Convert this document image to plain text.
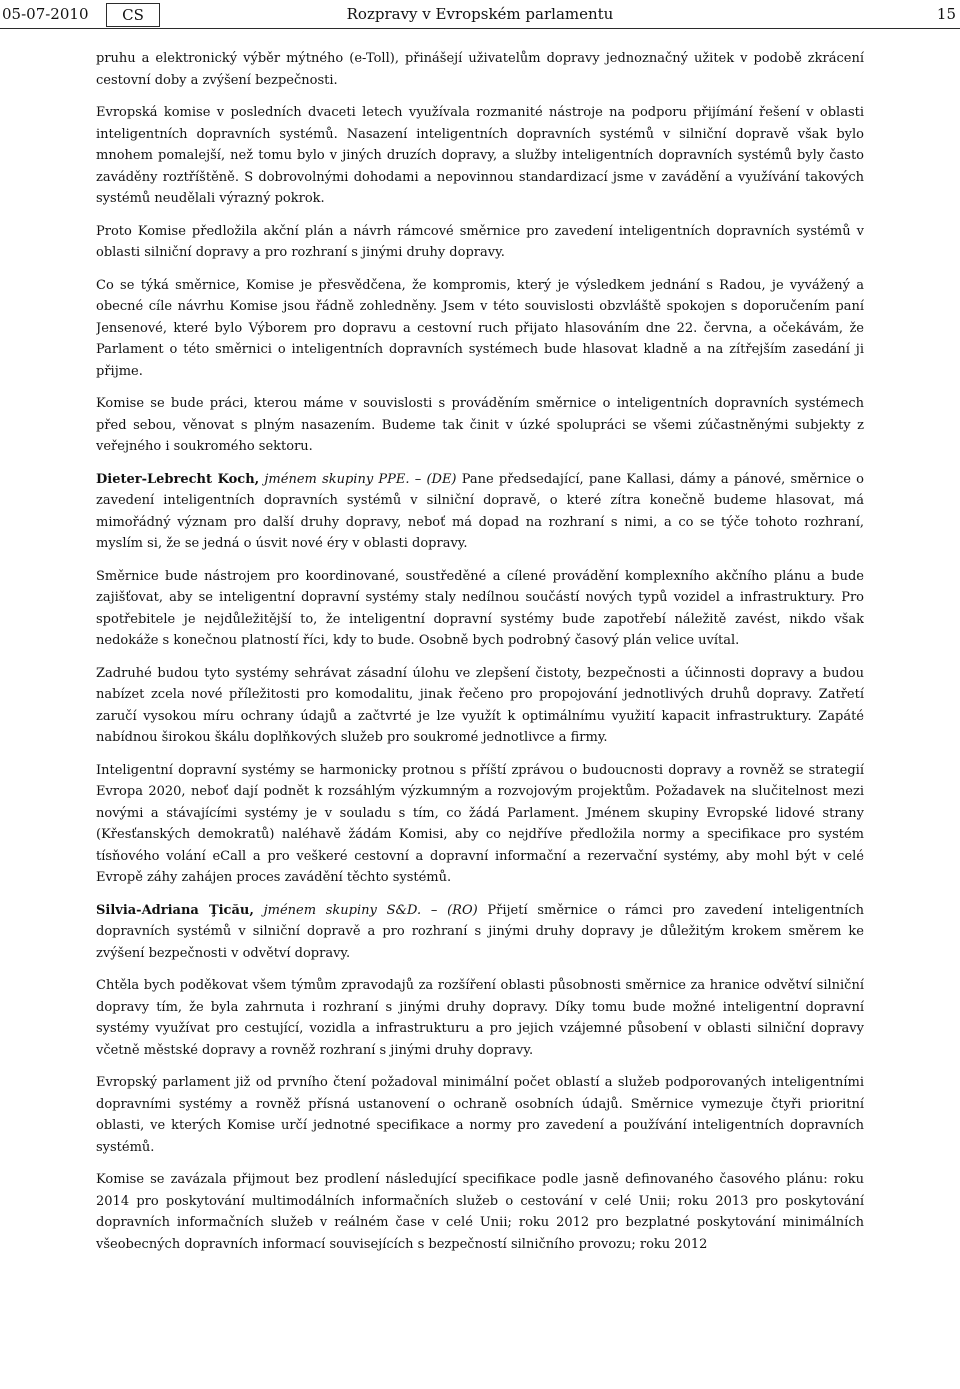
05-07-2010	CS	Rozpravy v Evropském parlamentu	15

pruhu a elektronický výběr mýtného (e-Toll), přinášejí uživatelům dopravy jednoznačný užitek v podobě zkrácení cestovní doby a zvýšení bezpečnosti.

Evropská komise v posledních dvaceti letech využívala rozmanité nástroje na podporu přijímání řešení v oblasti inteligentních dopravních systémů. Nasazení inteligentních dopravních systémů v silniční dopravě však bylo mnohem pomalejší, než tomu bylo v jiných druzích dopravy, a služby inteligentních dopravních systémů byly často zaváděny roztříštěně. S dobrovolnými dohodami a nepovinnou standardizací jsme v zavádění a využívání takových systémů neudělali výrazný pokrok.

Proto Komise předložila akční plán a návrh rámcové směrnice pro zavedení inteligentních dopravních systémů v oblasti silniční dopravy a pro rozhraní s jinými druhy dopravy.

Co se týká směrnice, Komise je přesvědčena, že kompromis, který je výsledkem jednání s Radou, je vyvážený a obecné cíle návrhu Komise jsou řádně zohledněny. Jsem v této souvislosti obzvláště spokojen s doporučením paní Jensenové, které bylo Výborem pro dopravu a cestovní ruch přijato hlasováním dne 22. června, a očekávám, že Parlament o této směrnici o inteligentních dopravních systémech bude hlasovat kladně a na zítřejším zasedání ji přijme.

Komise se bude práci, kterou máme v souvislosti s prováděním směrnice o inteligentních dopravních systémech před sebou, věnovat s plným nasazením. Budeme tak činit v úzké spolupráci se všemi zúčastněnými subjekty z veřejného i soukromého sektoru.

Dieter-Lebrecht Koch, jménem skupiny PPE. – (DE) Pane předsedající, pane Kallasi, dámy a pánové, směrnice o zavedení inteligentních dopravních systémů v silniční dopravě, o které zítra konečně budeme hlasovat, má mimořádný význam pro další druhy dopravy, neboť má dopad na rozhraní s nimi, a co se týče tohoto rozhraní, myslím si, že se jedná o úsvit nové éry v oblasti dopravy.

Směrnice bude nástrojem pro koordinované, soustředěné a cílené provádění komplexního akčního plánu a bude zajišťovat, aby se inteligentní dopravní systémy staly nedílnou součástí nových typů vozidel a infrastruktury. Pro spotřebitele je nejdůležitější to, že inteligentní dopravní systémy bude zapotřebí náležitě zavést, nikdo však nedokáže s konečnou platností říci, kdy to bude. Osobně bych podrobný časový plán velice uvítal.

Zadruhé budou tyto systémy sehrávat zásadní úlohu ve zlepšení čistoty, bezpečnosti a účinnosti dopravy a budou nabízet zcela nové příležitosti pro komodalitu, jinak řečeno pro propojování jednotlivých druhů dopravy. Zatřetí zaručí vysokou míru ochrany údajů a začtvrté je lze využít k optimálnímu využití kapacit infrastruktury. Zapáté nabídnou širokou škálu doplňkových služeb pro soukromé jednotlivce a firmy.

Inteligentní dopravní systémy se harmonicky protnou s příští zprávou o budoucnosti dopravy a rovněž se strategií Evropa 2020, neboť dají podnět k rozsáhlým výzkumným a rozvojovým projektům. Požadavek na slučitelnost mezi novými a stávajícími systémy je v souladu s tím, co žádá Parlament. Jménem skupiny Evropské lidové strany (Křesťanských demokratů) naléhavě žádám Komisi, aby co nejdříve předložila normy a specifikace pro systém tísňového volání eCall a pro veškeré cestovní a dopravní informační a rezervační systémy, aby mohl být v celé Evropě záhy zahájen proces zavádění těchto systémů.

Silvia-Adriana Ţicău, jménem skupiny S&D. – (RO) Přijetí směrnice o rámci pro zavedení inteligentních dopravních systémů v silniční dopravě a pro rozhraní s jinými druhy dopravy je důležitým krokem směrem ke zvýšení bezpečnosti v odvětví dopravy.

Chtěla bych poděkovat všem týmům zpravodajů za rozšíření oblasti působnosti směrnice za hranice odvětví silniční dopravy tím, že byla zahrnuta i rozhraní s jinými druhy dopravy. Díky tomu bude možné inteligentní dopravní systémy využívat pro cestující, vozidla a infrastrukturu a pro jejich vzájemné působení v oblasti silniční dopravy včetně městské dopravy a rovněž rozhraní s jinými druhy dopravy.

Evropský parlament již od prvního čtení požadoval minimální počet oblastí a služeb podporovaných inteligentními dopravními systémy a rovněž přísná ustanovení o ochraně osobních údajů. Směrnice vymezuje čtyři prioritní oblasti, ve kterých Komise určí jednotné specifikace a normy pro zavedení a používání inteligentních dopravních systémů.

Komise se zavázala přijmout bez prodlení následující specifikace podle jasně definovaného časového plánu: roku 2014 pro poskytování multimodálních informačních služeb o cestování v celé Unii; roku 2013 pro poskytování dopravních informačních služeb v reálném čase v celé Unii; roku 2012 pro bezplatné poskytování minimálních všeobecných dopravních informací souvisejících s bezpečností silničního provozu; roku 2012
